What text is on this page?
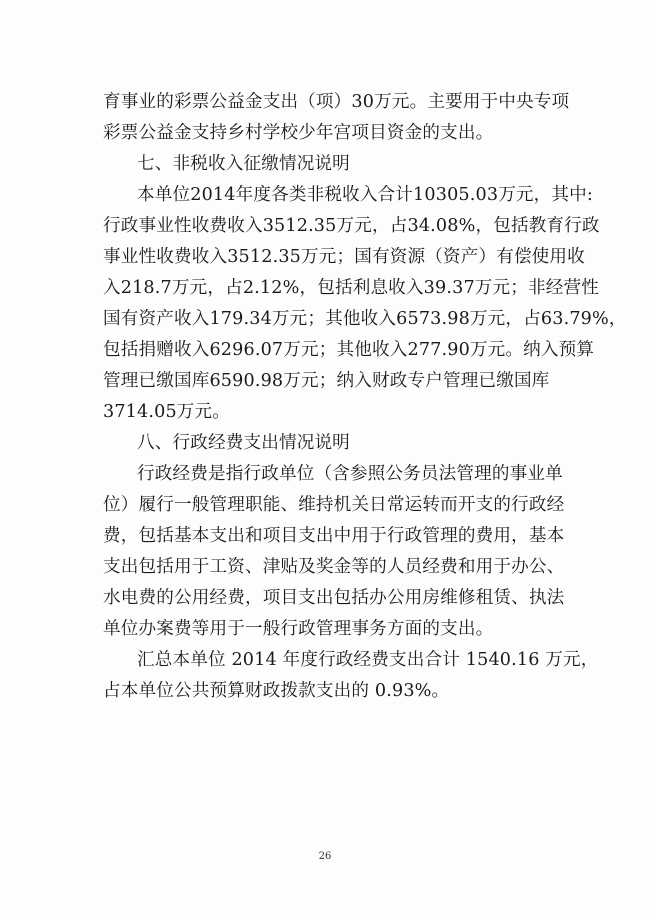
育事业的彩票公益金支出（项）30万元。主要用于中央专项
彩票公益金支持乡村学校少年宫项目资金的支出。
七、非税收入征缴情况说明
本单位2014年度各类非税收入合计10305.03万元，其中:
行政事业性收费收入3512.35万元，占34.08%，包括教育行政
事业性收费收入3512.35万元；国有资源（资产）有偿使用收
入218.7万元，占2.12%，包括利息收入39.37万元；非经营性
国有资产收入179.34万元；其他收入6573.98万元，占63.79%，
包括捐赠收入6296.07万元；其他收入277.90万元。纳入预算
管理已缴国库6590.98万元；纳入财政专户管理已缴国库
3714.05万元。
八、行政经费支出情况说明
行政经费是指行政单位（含参照公务员法管理的事业单
位）履行一般管理职能、维持机关日常运转而开支的行政经
费，包括基本支出和项目支出中用于行政管理的费用，基本
支出包括用于工资、津贴及奖金等的人员经费和用于办公、
水电费的公用经费，项目支出包括办公用房维修租赁、执法
单位办案费等用于一般行政管理事务方面的支出。
汇总本单位 2014 年度行政经费支出合计 1540.16 万元，
占本单位公共预算财政拨款支出的 0.93%。
26
